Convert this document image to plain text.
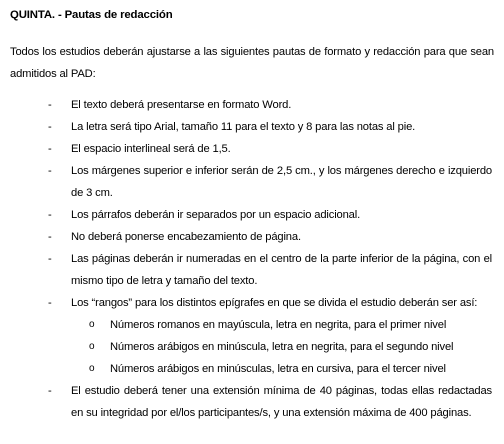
QUINTA. - Pautas de redacción

Todos los estudios deberán ajustarse a las siguientes pautas de formato y redacción para que sean admitidos al PAD:

- El texto deberá presentarse en formato Word.
- La letra será tipo Arial, tamaño 11 para el texto y 8 para las notas al pie.
- El espacio interlineal será de 1,5.
- Los márgenes superior e inferior serán de 2,5 cm., y los márgenes derecho e izquierdo de 3 cm.
- Los párrafos deberán ir separados por un espacio adicional.
- No deberá ponerse encabezamiento de página.
- Las páginas deberán ir numeradas en el centro de la parte inferior de la página, con el mismo tipo de letra y tamaño del texto.
- Los “rangos” para los distintos epígrafes en que se divida el estudio deberán ser así:
o Números romanos en mayúscula, letra en negrita, para el primer nivel
o Números arábigos en minúscula, letra en negrita, para el segundo nivel
o Números arábigos en minúsculas, letra en cursiva, para el tercer nivel
- El estudio deberá tener una extensión mínima de 40 páginas, todas ellas redactadas en su integridad por el/los participantes/s, y una extensión máxima de 400 páginas.
